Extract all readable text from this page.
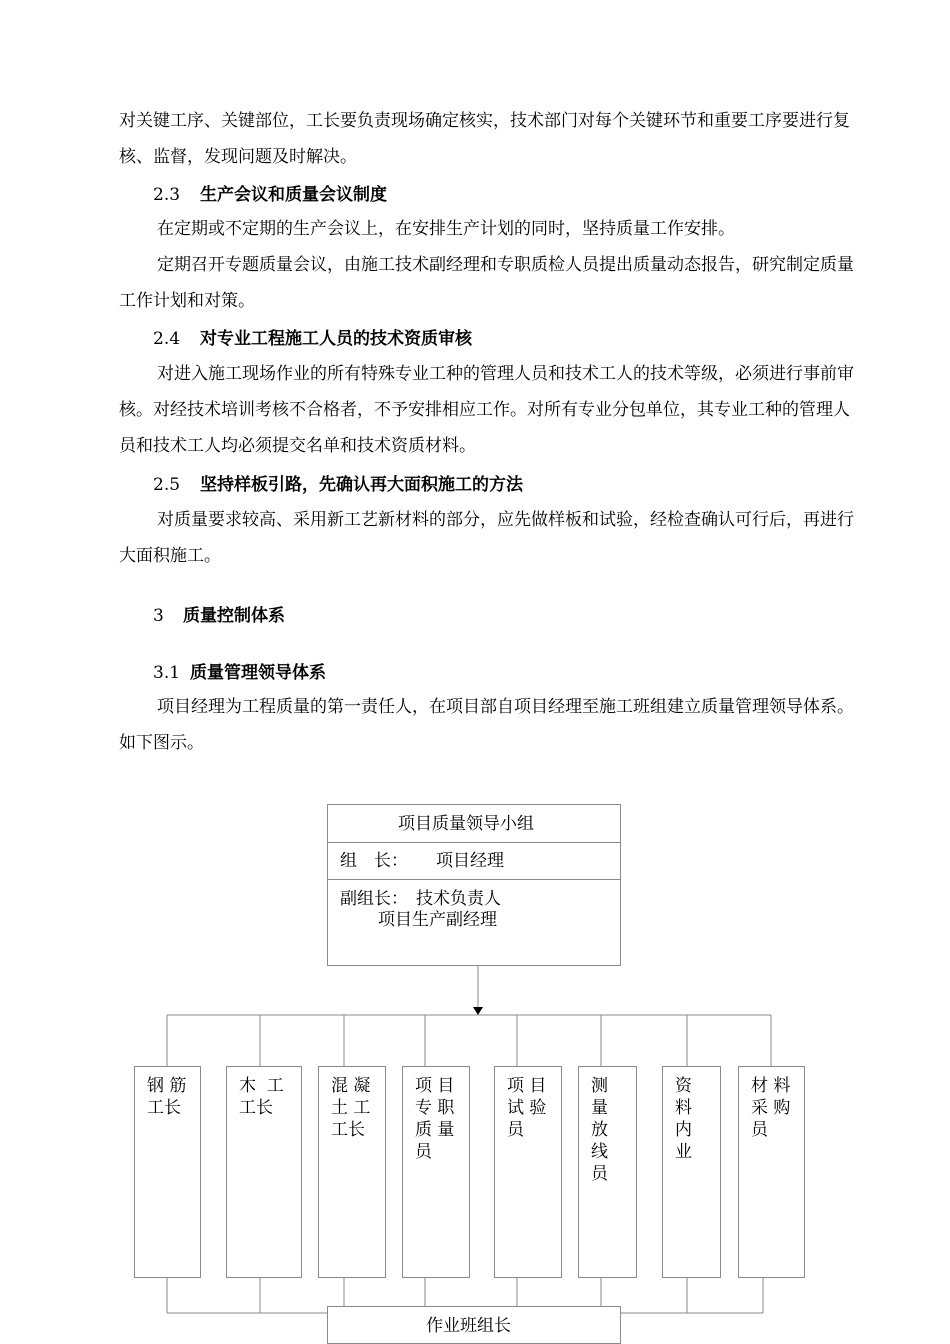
对关键工序、关键部位，工长要负责现场确定核实，技术部门对每个关键环节和重要工序要进行复核、监督，发现问题及时解决。

2.3 生产会议和质量会议制度

在定期或不定期的生产会议上，在安排生产计划的同时，坚持质量工作安排。

定期召开专题质量会议，由施工技术副经理和专职质检人员提出质量动态报告，研究制定质量工作计划和对策。

2.4 对专业工程施工人员的技术资质审核

对进入施工现场作业的所有特殊专业工种的管理人员和技术工人的技术等级，必须进行事前审核。对经技术培训考核不合格者，不予安排相应工作。对所有专业分包单位，其专业工种的管理人员和技术工人均必须提交名单和技术资质材料。

2.5 坚持样板引路，先确认再大面积施工的方法

对质量要求较高、采用新工艺新材料的部分，应先做样板和试验，经检查确认可行后，再进行大面积施工。

3 质量控制体系
3.1 质量管理领导体系

项目经理为工程质量的第一责任人，在项目部自项目经理至施工班组建立质量管理领导体系。如下图示。

项目质量领导小组
组　长： 项目经理
副组长： 技术负责人
项目生产副经理
钢 筋
工长
木  工
工长
混 凝
土 工
工长
项 目
专 职
质 量
员
项 目
试 验
员
测
量
放
线
员
资
料
内
业
材 料
采 购
员
作业班组长
